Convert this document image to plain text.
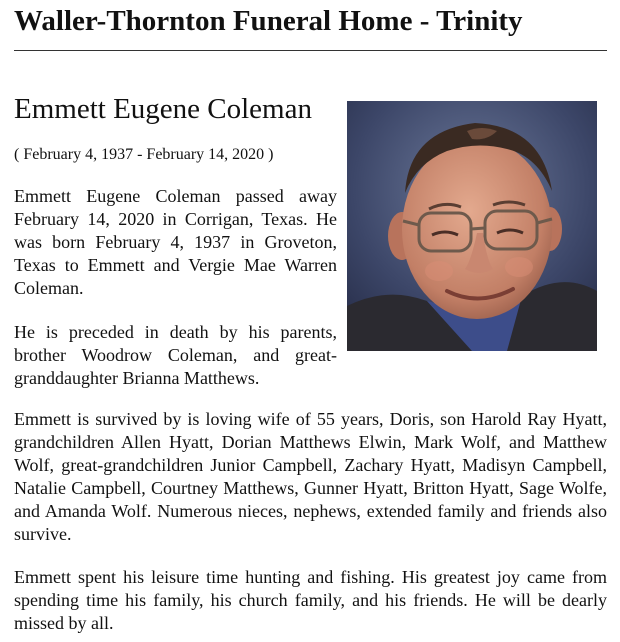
Waller-Thornton Funeral Home - Trinity
Emmett Eugene Coleman
( February 4, 1937 - February 14, 2020 )

Emmett Eugene Coleman passed away February 14, 2020 in Corrigan, Texas. He was born February 4, 1937 in Groveton, Texas to Emmett and Vergie Mae Warren Coleman.

He is preceded in death by his parents, brother Woodrow Coleman, and great-granddaughter Brianna Matthews.

Emmett is survived by is loving wife of 55 years, Doris, son Harold Ray Hyatt, grandchildren Allen Hyatt, Dorian Matthews Elwin, Mark Wolf, and Matthew Wolf, great-grandchildren Junior Campbell, Zachary Hyatt, Madisyn Campbell, Natalie Campbell, Courtney Matthews, Gunner Hyatt, Britton Hyatt, Sage Wolfe, and Amanda Wolf. Numerous nieces, nephews, extended family and friends also survive.

Emmett spent his leisure time hunting and fishing. His greatest joy came from spending time his family, his church family, and his friends. He will be dearly missed by all.
